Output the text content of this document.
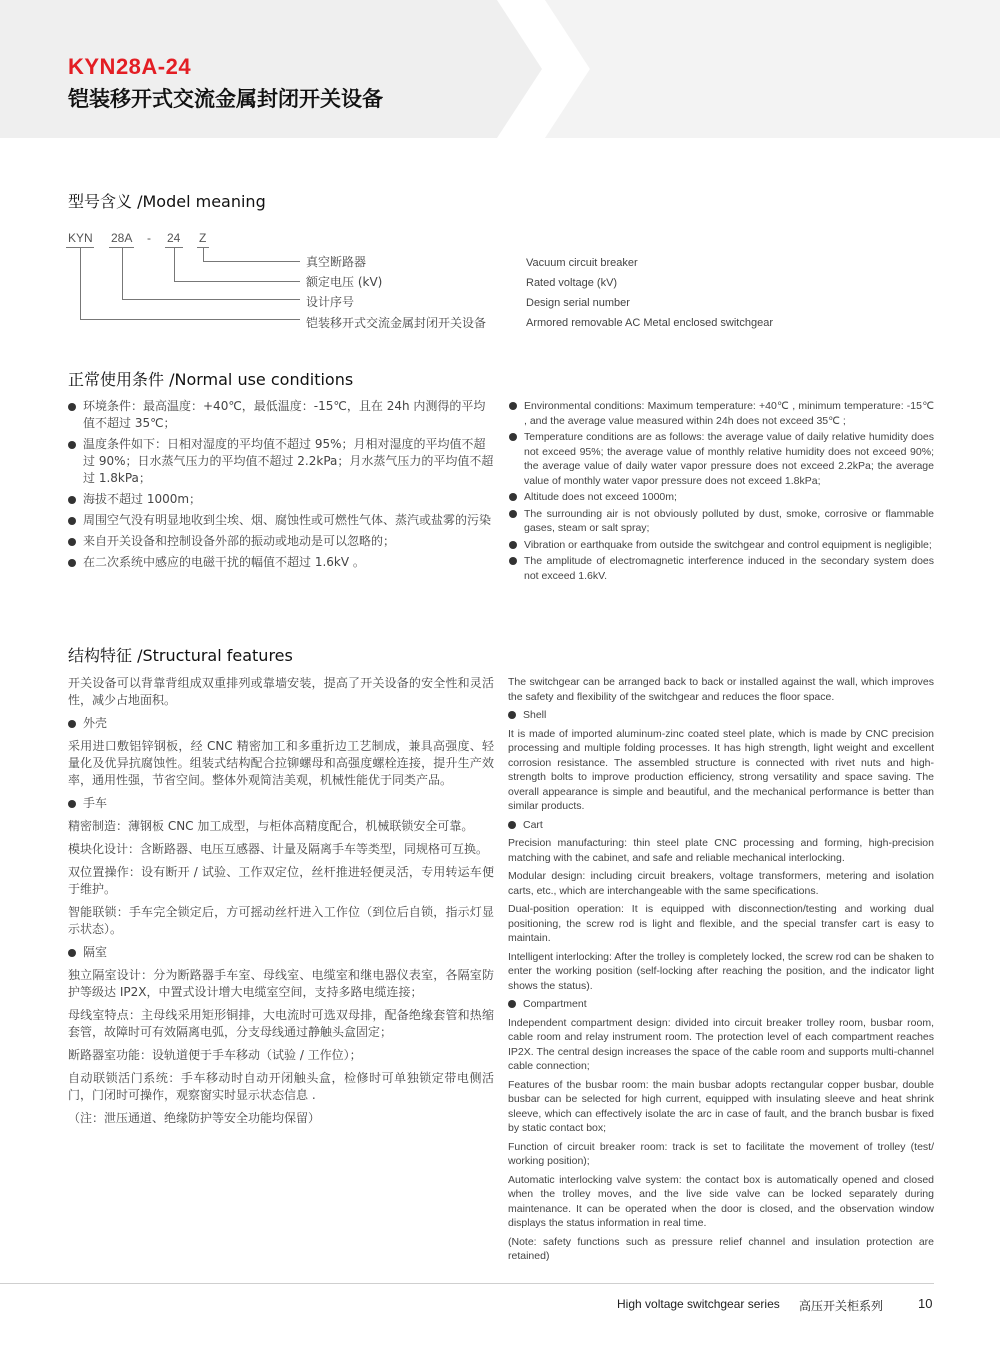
KYN28A-24
铠装移开式交流金属封闭开关设备
型号含义 /Model meaning
KYN 28A - 24 Z
真空断路器
额定电压 (kV)
设计序号
铠装移开式交流金属封闭开关设备
Vacuum circuit breaker
Rated voltage (kV)
Design serial number
Armored removable AC Metal enclosed switchgear
正常使用条件 /Normal use conditions
环境条件：最高温度：+40℃，最低温度：-15℃，且在 24h 内测得的平均值不超过 35℃；
温度条件如下：日相对湿度的平均值不超过 95%；月相对湿度的平均值不超过 90%；日水蒸气压力的平均值不超过 2.2kPa；月水蒸气压力的平均值不超过 1.8kPa；
海拔不超过 1000m；
周围空气没有明显地收到尘埃、烟、腐蚀性或可燃性气体、蒸汽或盐雾的污染
来自开关设备和控制设备外部的振动或地动是可以忽略的；
在二次系统中感应的电磁干扰的幅值不超过 1.6kV 。
Environmental conditions: Maximum temperature: +40℃ , minimum temperature: -15℃ , and the average value measured within 24h does not exceed 35℃ ;
Temperature conditions are as follows: the average value of daily relative humidity does not exceed 95%; the average value of monthly relative humidity does not exceed 90%; the average value of daily water vapor pressure does not exceed 2.2kPa; the average value of monthly water vapor pressure does not exceed 1.8kPa;
Altitude does not exceed 1000m;
The surrounding air is not obviously polluted by dust, smoke, corrosive or flammable gases, steam or salt spray;
Vibration or earthquake from outside the switchgear and control equipment is negligible;
The amplitude of electromagnetic interference induced in the secondary system does not exceed 1.6kV.
结构特征 /Structural features

开关设备可以背靠背组成双重排列或靠墙安装，提高了开关设备的安全性和灵活性，减少占地面积。

外壳

采用进口敷铝锌钢板，经 CNC 精密加工和多重折边工艺制成，兼具高强度、轻量化及优异抗腐蚀性。组装式结构配合拉铆螺母和高强度螺栓连接，提升生产效率，通用性强，节省空间。整体外观简洁美观，机械性能优于同类产品。

手车

精密制造：薄钢板 CNC 加工成型，与柜体高精度配合，机械联锁安全可靠。

模块化设计：含断路器、电压互感器、计量及隔离手车等类型，同规格可互换。

双位置操作：设有断开 / 试验、工作双定位，丝杆推进轻便灵活，专用转运车便于维护。

智能联锁：手车完全锁定后，方可摇动丝杆进入工作位（到位后自锁，指示灯显示状态）。

隔室

独立隔室设计：分为断路器手车室、母线室、电缆室和继电器仪表室，各隔室防护等级达 IP2X，中置式设计增大电缆室空间，支持多路电缆连接；

母线室特点：主母线采用矩形铜排，大电流时可选双母排，配备绝缘套管和热缩套管，故障时可有效隔离电弧，分支母线通过静触头盒固定；

断路器室功能：设轨道便于手车移动（试验 / 工作位）；

自动联锁活门系统：手车移动时自动开闭触头盒，检修时可单独锁定带电侧活门，门闭时可操作，观察窗实时显示状态信息 .

（注：泄压通道、绝缘防护等安全功能均保留）

The switchgear can be arranged back to back or installed against the wall, which improves the safety and flexibility of the switchgear and reduces the floor space.

Shell

It is made of imported aluminum-zinc coated steel plate, which is made by CNC precision processing and multiple folding processes. It has high strength, light weight and excellent corrosion resistance. The assembled structure is connected with rivet nuts and high-strength bolts to improve production efficiency, strong versatility and space saving. The overall appearance is simple and beautiful, and the mechanical performance is better than similar products.

Cart

Precision manufacturing: thin steel plate CNC processing and forming, high-precision matching with the cabinet, and safe and reliable mechanical interlocking.

Modular design: including circuit breakers, voltage transformers, metering and isolation carts, etc., which are interchangeable with the same specifications.

Dual-position operation: It is equipped with disconnection/testing and working dual positioning, the screw rod is light and flexible, and the special transfer cart is easy to maintain.

Intelligent interlocking: After the trolley is completely locked, the screw rod can be shaken to enter the working position (self-locking after reaching the position, and the indicator light shows the status).

Compartment

Independent compartment design: divided into circuit breaker trolley room, busbar room, cable room and relay instrument room. The protection level of each compartment reaches IP2X. The central design increases the space of the cable room and supports multi-channel cable connection;

Features of the busbar room: the main busbar adopts rectangular copper busbar, double busbar can be selected for high current, equipped with insulating sleeve and heat shrink sleeve, which can effectively isolate the arc in case of fault, and the branch busbar is fixed by static contact box;

Function of circuit breaker room: track is set to facilitate the movement of trolley (test/ working position);

Automatic interlocking valve system: the contact box is automatically opened and closed when the trolley moves, and the live side valve can be locked separately during maintenance. It can be operated when the door is closed, and the observation window displays the status information in real time.

(Note: safety functions such as pressure relief channel and insulation protection are retained)

High voltage switchgear series 高压开关柜系列	10
